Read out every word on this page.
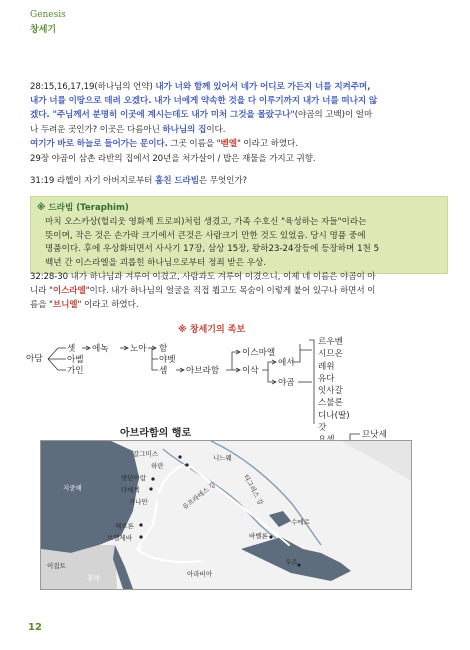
Genesis
창세기
28:15,16,17,19(하나님의 언약) 내가 너와 함께 있어서 네가 어디로 가든지 너를 지켜주며,
내가 너를 이땅으로 데려 오겠다. 내가 너에게 약속한 것을 다 이루기까지 내가 너를 떠나지 않
겠다. "주님께서 분명히 이곳에 계시는데도 내가 미처 그것을 몰랐구나"(야곱의 고백)이 얼마
나 두려운 곳인가? 이곳은 다름아닌 하나님의 집이다.
여기가 바로 하늘로 들어가는 문이다. 그곳 이름을 "벧엘" 이라고 하였다.
29장 야곱이 삼촌 라반의 집에서 20년을 처가살이 / 밥은 재물을 가지고 귀향.
31:19 라헬이 자기 아버지로부터 훔친 드라빔은 무엇인가?
※ 드라빔 (Teraphim)
마치 오스카상(헐리웃 영화계 트로피)처럼 생겼고, 가족 수호신 "육성하는 자들"이라는
뜻이며, 작은 것은 손가락 크기에서 큰것은 사람크기 만한 것도 있었음. 당시 명품 중에
명품이다. 후에 우상화되면서 사사기 17장, 삼상 15장, 왕하23-24장등에 등장하며 1천 5
백년 간 이스라엘을 괴롭힌 하나님으로부터 정죄 받은 우상.
32:28-30 내가 하나님과 겨루어 이겼고, 사람과도 겨루어 이겼으니, 이제 네 이름은 야곱이 아
니라 "이스라엘"이다. 내가 하나님의 얼굴을 직접 뵙고도 목숨이 이렇게 붙어 있구나 하면서 이
름을 "브니엘" 이라고 하였다.
※ 창세기의 족보
아담
셋 에녹 노아 함
아벨	야벳
가인	셈 아브라함
이스마엘
이삭
에서
야곱
르우벤
시므온
레위
유다
잇사갈
스불론
디나(딸)
갓
므낫세
아브라함의 행로
갈그미스
하란
니느웨
유프라테스 강	티그리스 강
지중해
가나안
밧단아람
다메섹
헤브론
브엘세바	바벨론
수메르
우르
이집트
홍해	아라비아
12
